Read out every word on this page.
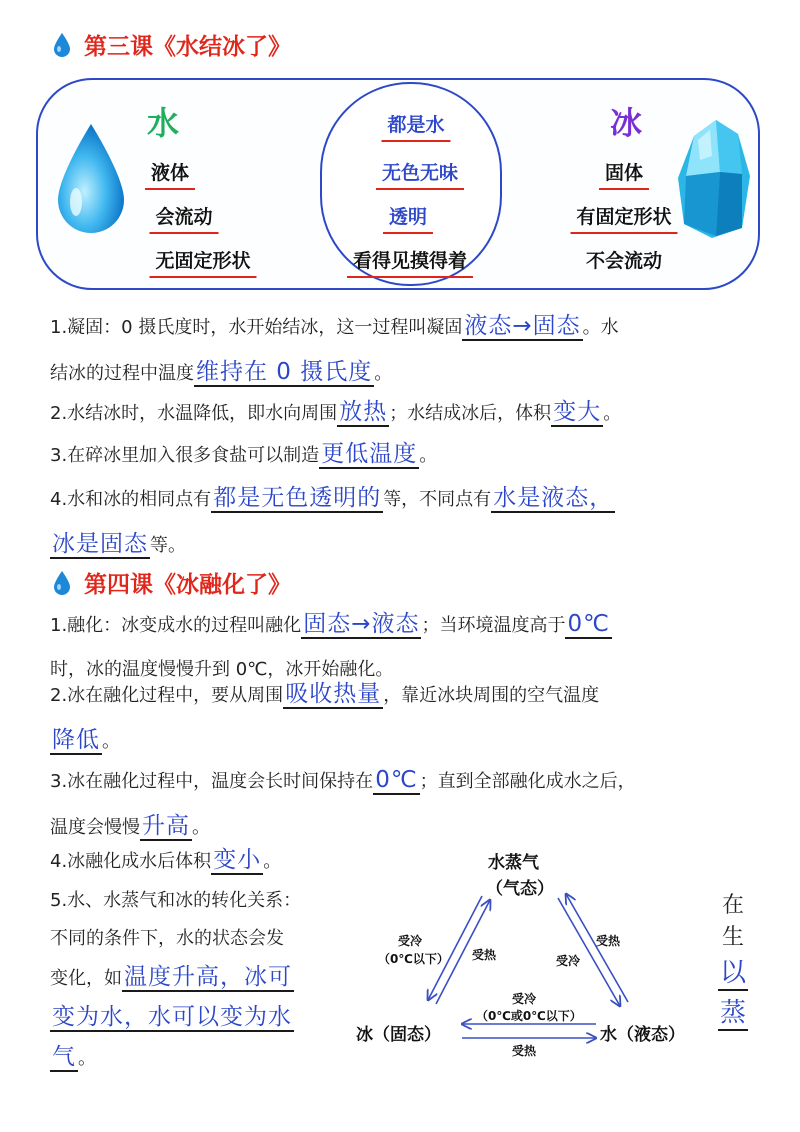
第三课《水结冰了》
水
液体
会流动
无固定形状
都是水
无色无味
透明
看得见摸得着
冰
固体
有固定形状
不会流动
1.凝固：0 摄氏度时，水开始结冰，这一过程叫凝固液态→固态 。水
结冰的过程中温度维持在 0 摄氏度 。
2.水结冰时，水温降低，即水向周围放热 ；水结成冰后，体积变大 。
3.在碎冰里加入很多食盐可以制造更低温度 。
4.水和冰的相同点有都是无色透明的 等，不同点有水是液态，
冰是固态 等。
第四课《冰融化了》
1.融化：冰变成水的过程叫融化固态→液态 ；当环境温度高于0℃
时，冰的温度慢慢升到 0℃，冰开始融化。
2.冰在融化过程中，要从周围吸收热量 ，靠近冰块周围的空气温度
降低 。
3.冰在融化过程中，温度会长时间保持在0℃ ；直到全部融化成水之后，
温度会慢慢升高 。
4.冰融化成水后体积变小 。
5.水、水蒸气和冰的转化关系：
不同的条件下，水的状态会发
变化，如温度升高，冰可
变为水，水可以变为水
气 。
水蒸气
（气态）
冰（固态）	水（液态）
受冷
（0℃以下） 受热
受热
受冷
受冷
（0℃或0℃以下）
受热
在
生
以
蒸
